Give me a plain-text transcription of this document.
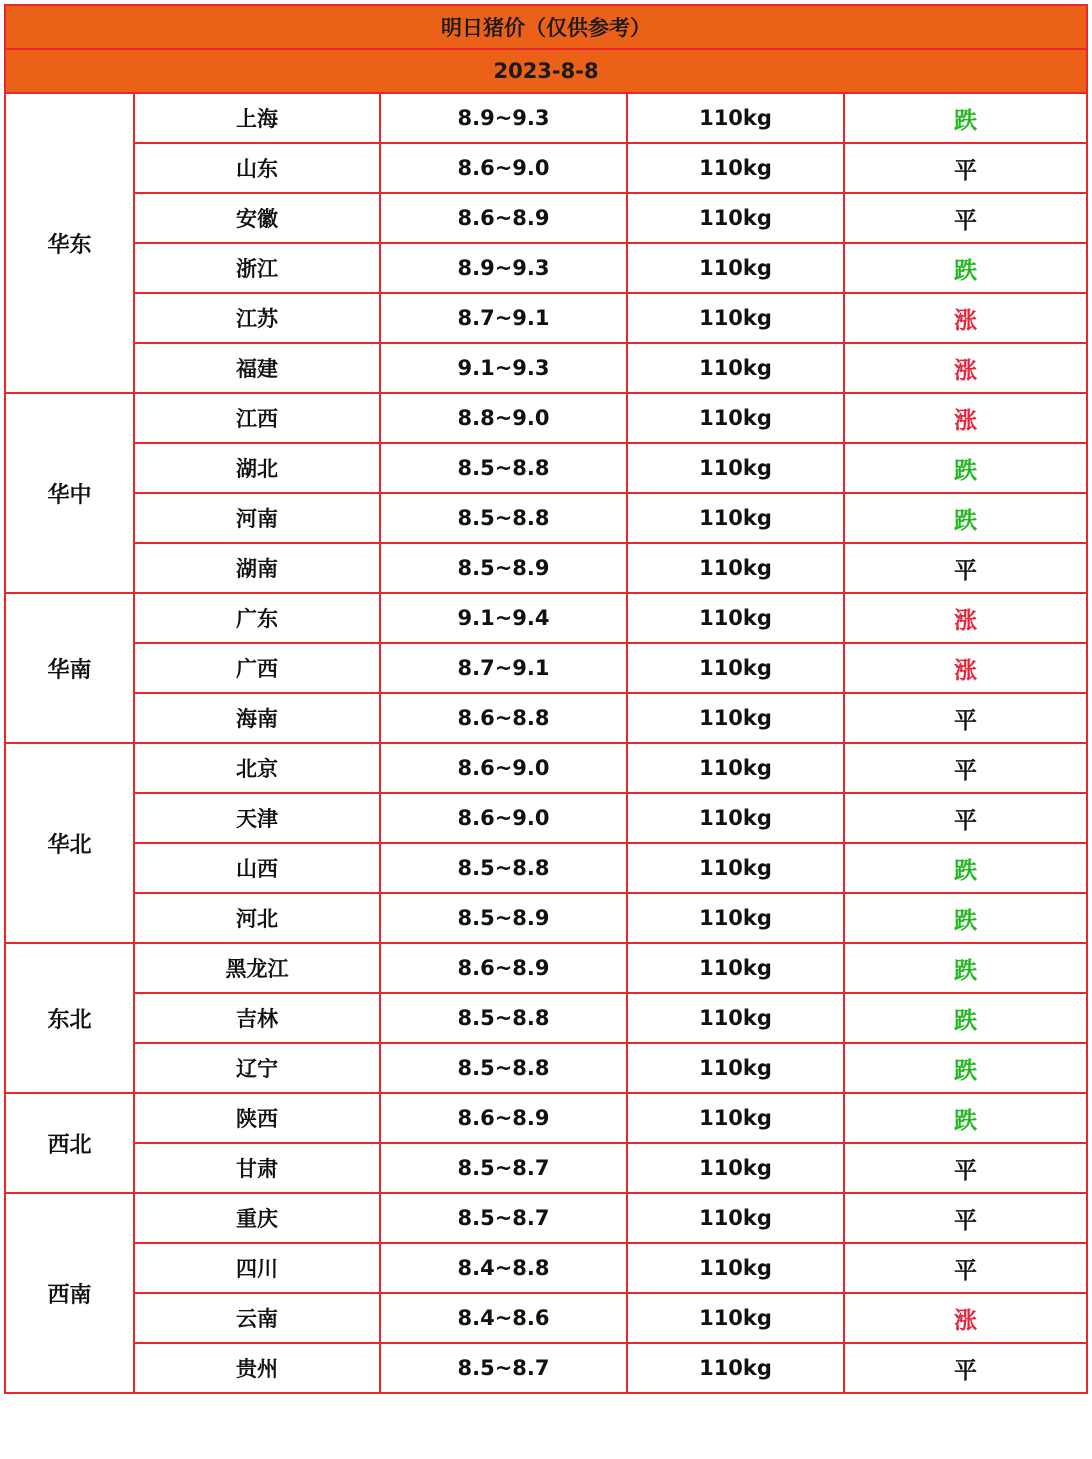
明日猪价（仅供参考）				
2023-8-8				
华东	上海	8.9~9.3	110kg	跌
	山东	8.6~9.0	110kg	平
	安徽	8.6~8.9	110kg	平
	浙江	8.9~9.3	110kg	跌
	江苏	8.7~9.1	110kg	涨
	福建	9.1~9.3	110kg	涨
华中	江西	8.8~9.0	110kg	涨
	湖北	8.5~8.8	110kg	跌
	河南	8.5~8.8	110kg	跌
	湖南	8.5~8.9	110kg	平
华南	广东	9.1~9.4	110kg	涨
	广西	8.7~9.1	110kg	涨
	海南	8.6~8.8	110kg	平
华北	北京	8.6~9.0	110kg	平
	天津	8.6~9.0	110kg	平
	山西	8.5~8.8	110kg	跌
	河北	8.5~8.9	110kg	跌
东北	黑龙江	8.6~8.9	110kg	跌
	吉林	8.5~8.8	110kg	跌
	辽宁	8.5~8.8	110kg	跌
西北	陕西	8.6~8.9	110kg	跌
	甘肃	8.5~8.7	110kg	平
西南	重庆	8.5~8.7	110kg	平
	四川	8.4~8.8	110kg	平
	云南	8.4~8.6	110kg	涨
	贵州	8.5~8.7	110kg	平
